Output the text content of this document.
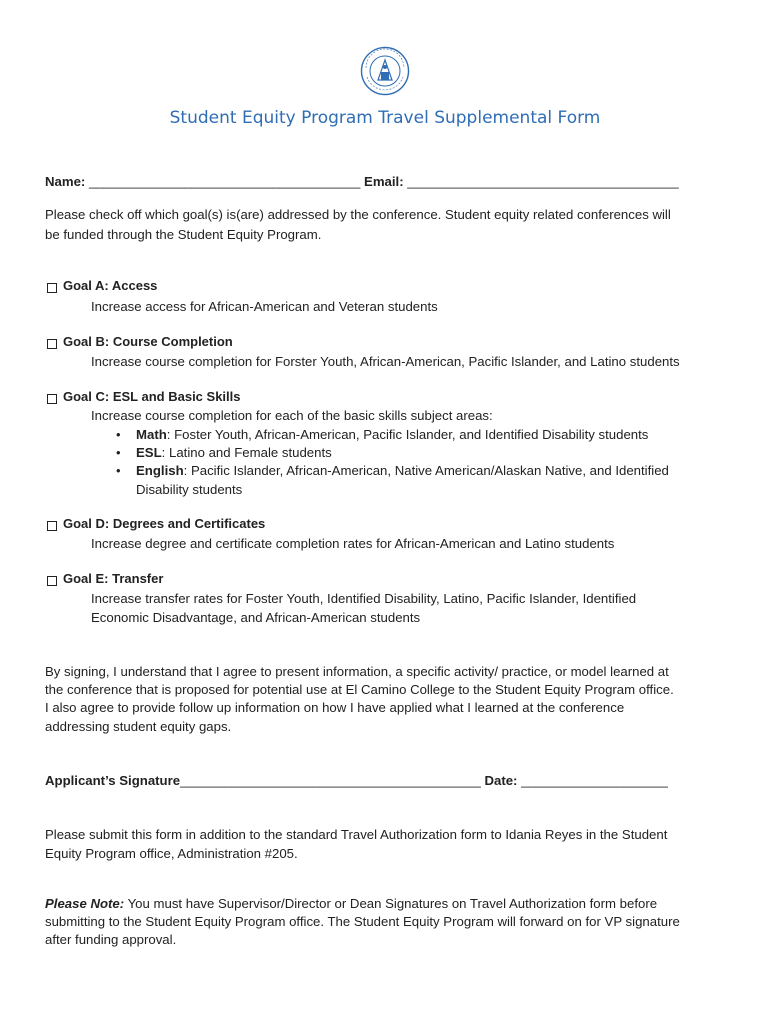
Student Equity Program Travel Supplemental Form
Name: _____________________________________ Email: _____________________________________
Please check off which goal(s) is(are) addressed by the conference. Student equity related conferences will
be funded through the Student Equity Program.
Goal A: Access
Increase access for African-American and Veteran students
Goal B: Course Completion
Increase course completion for Forster Youth, African-American, Pacific Islander, and Latino students
Goal C: ESL and Basic Skills
Increase course completion for each of the basic skills subject areas:
• Math: Foster Youth, African-American, Pacific Islander, and Identified Disability students
• ESL: Latino and Female students
• English: Pacific Islander, African-American, Native American/Alaskan Native, and Identified
Disability students
Goal D: Degrees and Certificates
Increase degree and certificate completion rates for African-American and Latino students
Goal E: Transfer
Increase transfer rates for Foster Youth, Identified Disability, Latino, Pacific Islander, Identified
Economic Disadvantage, and African-American students
By signing, I understand that I agree to present information, a specific activity/ practice, or model learned at
the conference that is proposed for potential use at El Camino College to the Student Equity Program office.
I also agree to provide follow up information on how I have applied what I learned at the conference
addressing student equity gaps.
Applicant’s Signature_________________________________________ Date: ____________________
Please submit this form in addition to the standard Travel Authorization form to Idania Reyes in the Student
Equity Program office, Administration #205.
Please Note: You must have Supervisor/Director or Dean Signatures on Travel Authorization form before
submitting to the Student Equity Program office. The Student Equity Program will forward on for VP signature
after funding approval.
